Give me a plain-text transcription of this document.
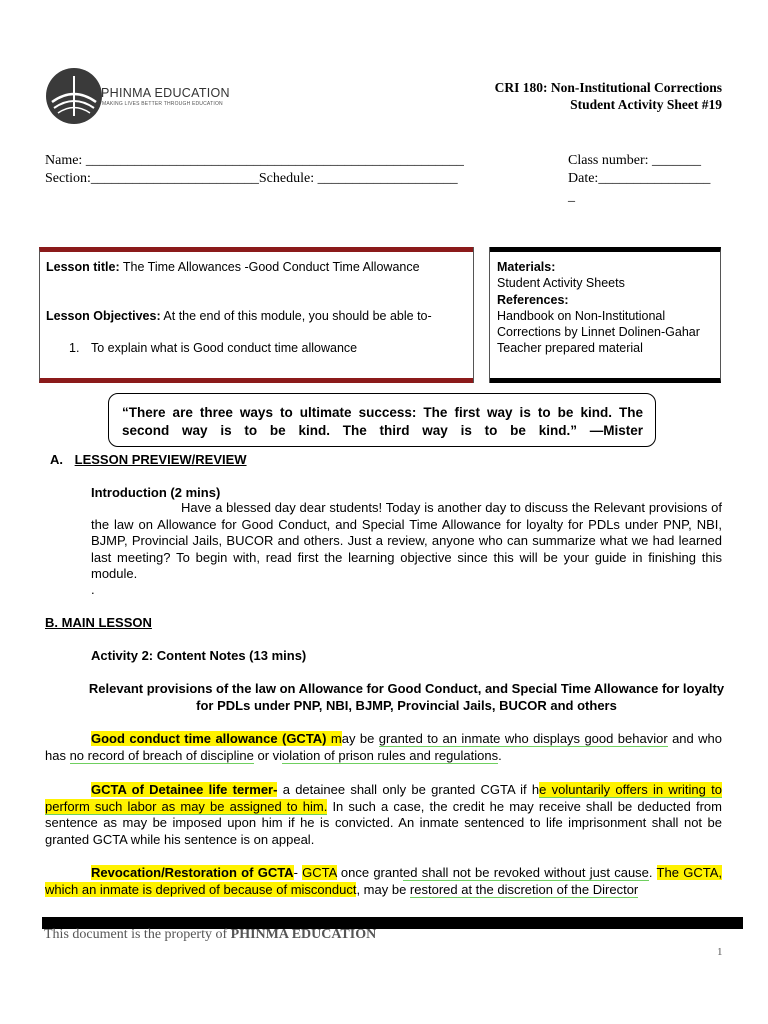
PHINMA EDUCATION
MAKING LIVES BETTER THROUGH EDUCATION
CRI 180: Non-Institutional Corrections
Student Activity Sheet #19
Name: ______________________________________________________
Section:________________________Schedule: ____________________
Class number: _______
Date:________________
_
Lesson title: The Time Allowances -Good Conduct Time Allowance
Lesson Objectives: At the end of this module, you should be able to-
1. To explain what is Good conduct time allowance
Materials:
Student Activity Sheets
References:
Handbook on Non-Institutional Corrections by Linnet Dolinen-Gahar
Teacher prepared material
“There are three ways to ultimate success: The first way is to be kind. The second way is to be kind. The third way is to be kind.” —Mister
A. LESSON PREVIEW/REVIEW
Introduction (2 mins)
Have a blessed day dear students! Today is another day to discuss the Relevant provisions of the law on Allowance for Good Conduct, and Special Time Allowance for loyalty for PDLs under PNP, NBI, BJMP, Provincial Jails, BUCOR and others. Just a review, anyone who can summarize what we had learned last meeting? To begin with, read first the learning objective since this will be your guide in finishing this module.
.
B. MAIN LESSON
Activity 2: Content Notes (13 mins)
Relevant provisions of the law on Allowance for Good Conduct, and Special Time Allowance for loyalty for PDLs under PNP, NBI, BJMP, Provincial Jails, BUCOR and others
Good conduct time allowance (GCTA) may be granted to an inmate who displays good behavior and who has no record of breach of discipline or violation of prison rules and regulations.
GCTA of Detainee life termer- a detainee shall only be granted CGTA if he voluntarily offers in writing to perform such labor as may be assigned to him. In such a case, the credit he may receive shall be deducted from sentence as may be imposed upon him if he is convicted. An inmate sentenced to life imprisonment shall not be granted GCTA while his sentence is on appeal.
Revocation/Restoration of GCTA- GCTA once granted shall not be revoked without just cause. The GCTA, which an inmate is deprived of because of misconduct, may be restored at the discretion of the Director
This document is the property of PHINMA EDUCATION
1
